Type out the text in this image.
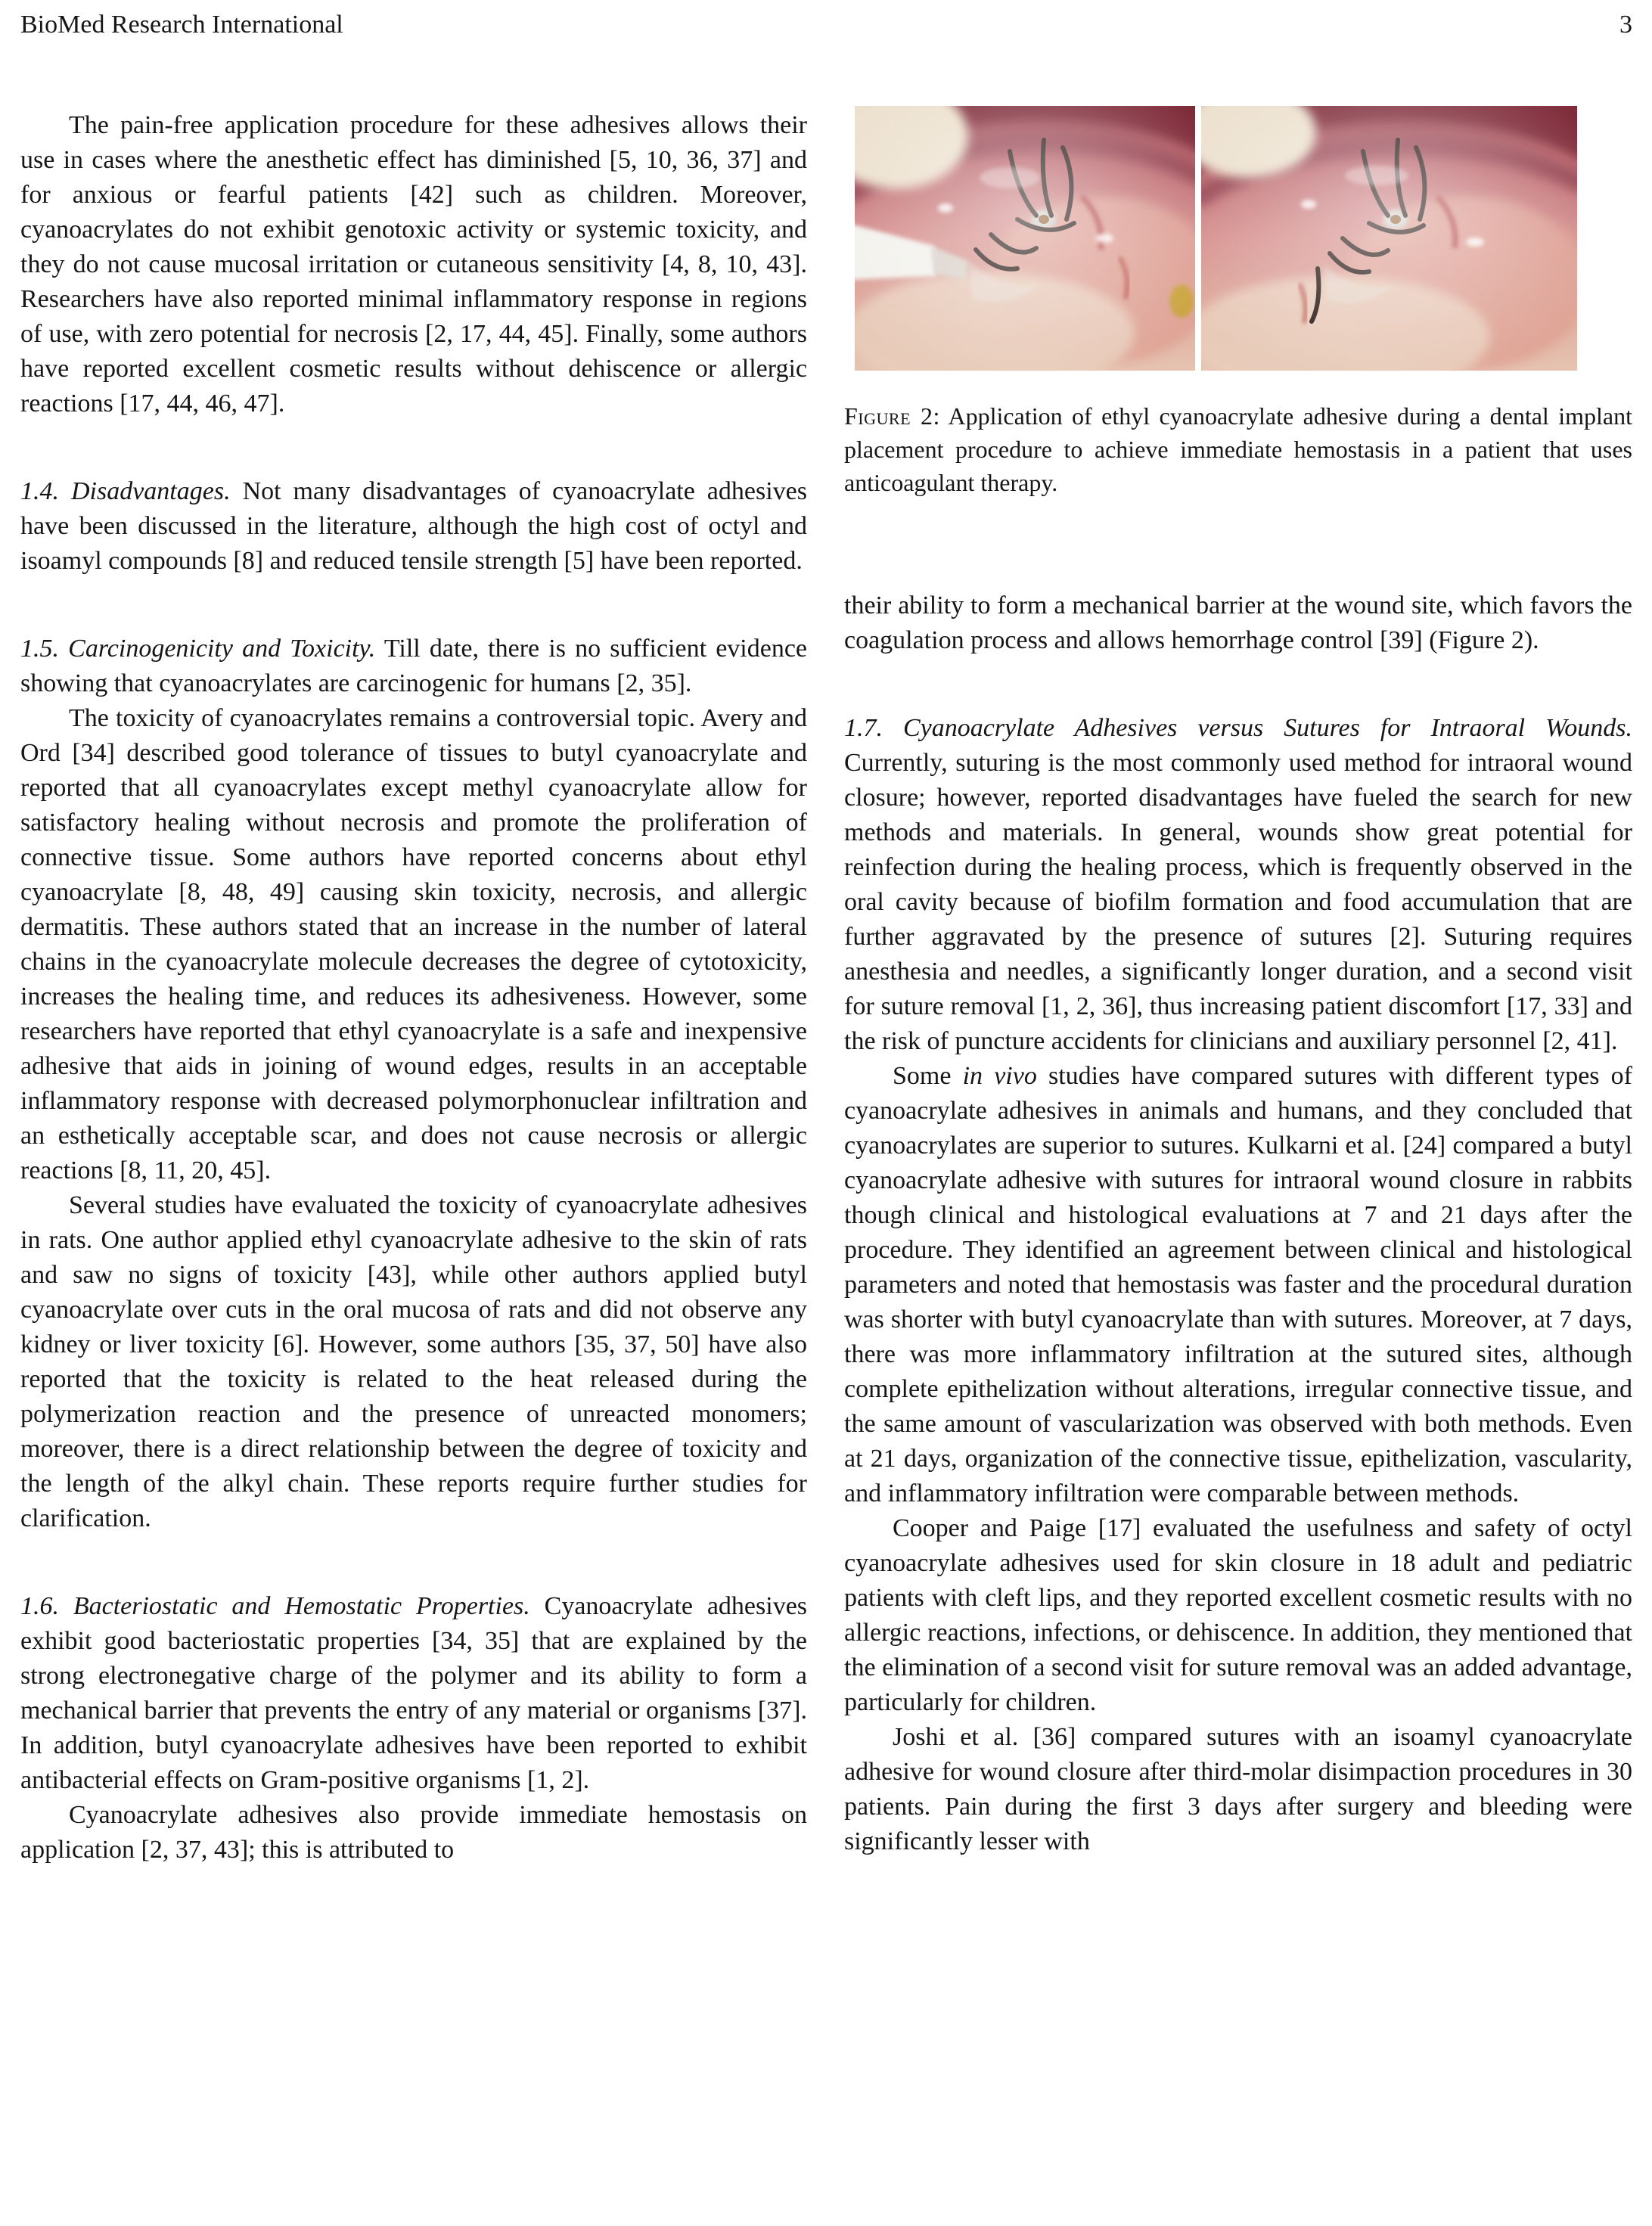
BioMed Research International	3

The pain-free application procedure for these adhesives allows their use in cases where the anesthetic effect has diminished [5, 10, 36, 37] and for anxious or fearful patients [42] such as children. Moreover, cyanoacrylates do not exhibit genotoxic activity or systemic toxicity, and they do not cause mucosal irritation or cutaneous sensitivity [4, 8, 10, 43]. Researchers have also reported minimal inflammatory response in regions of use, with zero potential for necrosis [2, 17, 44, 45]. Finally, some authors have reported excellent cosmetic results without dehiscence or allergic reactions [17, 44, 46, 47].

1.4. Disadvantages. Not many disadvantages of cyanoacrylate adhesives have been discussed in the literature, although the high cost of octyl and isoamyl compounds [8] and reduced tensile strength [5] have been reported.

1.5. Carcinogenicity and Toxicity. Till date, there is no sufficient evidence showing that cyanoacrylates are carcinogenic for humans [2, 35].

The toxicity of cyanoacrylates remains a controversial topic. Avery and Ord [34] described good tolerance of tissues to butyl cyanoacrylate and reported that all cyanoacrylates except methyl cyanoacrylate allow for satisfactory healing without necrosis and promote the proliferation of connective tissue. Some authors have reported concerns about ethyl cyanoacrylate [8, 48, 49] causing skin toxicity, necrosis, and allergic dermatitis. These authors stated that an increase in the number of lateral chains in the cyanoacrylate molecule decreases the degree of cytotoxicity, increases the healing time, and reduces its adhesiveness. However, some researchers have reported that ethyl cyanoacrylate is a safe and inexpensive adhesive that aids in joining of wound edges, results in an acceptable inflammatory response with decreased polymorphonuclear infiltration and an esthetically acceptable scar, and does not cause necrosis or allergic reactions [8, 11, 20, 45].

Several studies have evaluated the toxicity of cyanoacrylate adhesives in rats. One author applied ethyl cyanoacrylate adhesive to the skin of rats and saw no signs of toxicity [43], while other authors applied butyl cyanoacrylate over cuts in the oral mucosa of rats and did not observe any kidney or liver toxicity [6]. However, some authors [35, 37, 50] have also reported that the toxicity is related to the heat released during the polymerization reaction and the presence of unreacted monomers; moreover, there is a direct relationship between the degree of toxicity and the length of the alkyl chain. These reports require further studies for clarification.

1.6. Bacteriostatic and Hemostatic Properties. Cyanoacrylate adhesives exhibit good bacteriostatic properties [34, 35] that are explained by the strong electronegative charge of the polymer and its ability to form a mechanical barrier that prevents the entry of any material or organisms [37]. In addition, butyl cyanoacrylate adhesives have been reported to exhibit antibacterial effects on Gram-positive organisms [1, 2].

Cyanoacrylate adhesives also provide immediate hemostasis on application [2, 37, 43]; this is attributed to

Figure 2: Application of ethyl cyanoacrylate adhesive during a dental implant placement procedure to achieve immediate hemostasis in a patient that uses anticoagulant therapy.

their ability to form a mechanical barrier at the wound site, which favors the coagulation process and allows hemorrhage control [39] (Figure 2).

1.7. Cyanoacrylate Adhesives versus Sutures for Intraoral Wounds. Currently, suturing is the most commonly used method for intraoral wound closure; however, reported disadvantages have fueled the search for new methods and materials. In general, wounds show great potential for reinfection during the healing process, which is frequently observed in the oral cavity because of biofilm formation and food accumulation that are further aggravated by the presence of sutures [2]. Suturing requires anesthesia and needles, a significantly longer duration, and a second visit for suture removal [1, 2, 36], thus increasing patient discomfort [17, 33] and the risk of puncture accidents for clinicians and auxiliary personnel [2, 41].

Some in vivo studies have compared sutures with different types of cyanoacrylate adhesives in animals and humans, and they concluded that cyanoacrylates are superior to sutures. Kulkarni et al. [24] compared a butyl cyanoacrylate adhesive with sutures for intraoral wound closure in rabbits though clinical and histological evaluations at 7 and 21 days after the procedure. They identified an agreement between clinical and histological parameters and noted that hemostasis was faster and the procedural duration was shorter with butyl cyanoacrylate than with sutures. Moreover, at 7 days, there was more inflammatory infiltration at the sutured sites, although complete epithelization without alterations, irregular connective tissue, and the same amount of vascularization was observed with both methods. Even at 21 days, organization of the connective tissue, epithelization, vascularity, and inflammatory infiltration were comparable between methods.

Cooper and Paige [17] evaluated the usefulness and safety of octyl cyanoacrylate adhesives used for skin closure in 18 adult and pediatric patients with cleft lips, and they reported excellent cosmetic results with no allergic reactions, infections, or dehiscence. In addition, they mentioned that the elimination of a second visit for suture removal was an added advantage, particularly for children.

Joshi et al. [36] compared sutures with an isoamyl cyanoacrylate adhesive for wound closure after third-molar disimpaction procedures in 30 patients. Pain during the first 3 days after surgery and bleeding were significantly lesser with
